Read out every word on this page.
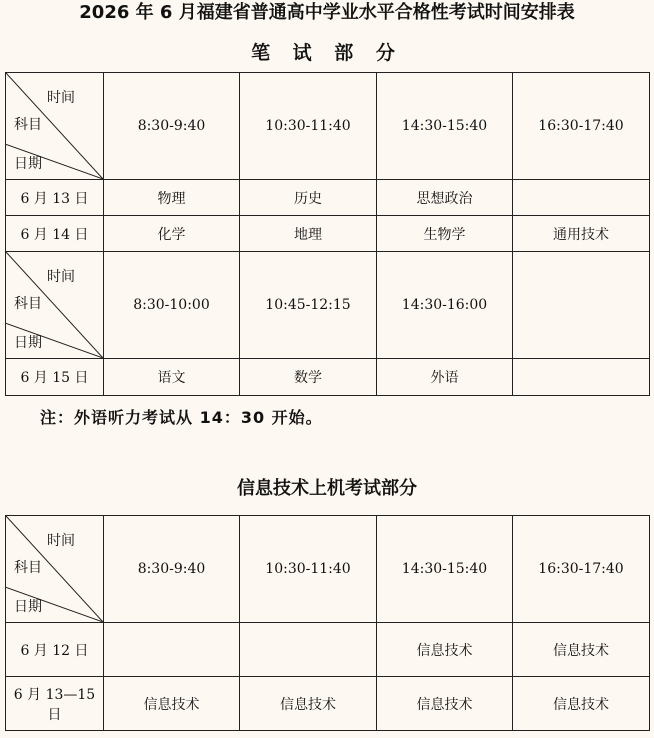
2026 年 6 月福建省普通高中学业水平合格性考试时间安排表
笔 试 部 分
时间
科目
日期	8:30-9:40	10:30-11:40	14:30-15:40	16:30-17:40
6 月 13 日	物理	历史	思想政治	
6 月 14 日	化学	地理	生物学	通用技术

时间
科目
日期	8:30-10:00	10:45-12:15	14:30-16:00	
6 月 15 日	语文	数学	外语	
注：外语听力考试从 14：30 开始。
信息技术上机考试部分
时间
科目
日期	8:30-9:40	10:30-11:40	14:30-15:40	16:30-17:40
6 月 12 日			信息技术	信息技术
6 月 13—15 日	信息技术	信息技术	信息技术	信息技术
